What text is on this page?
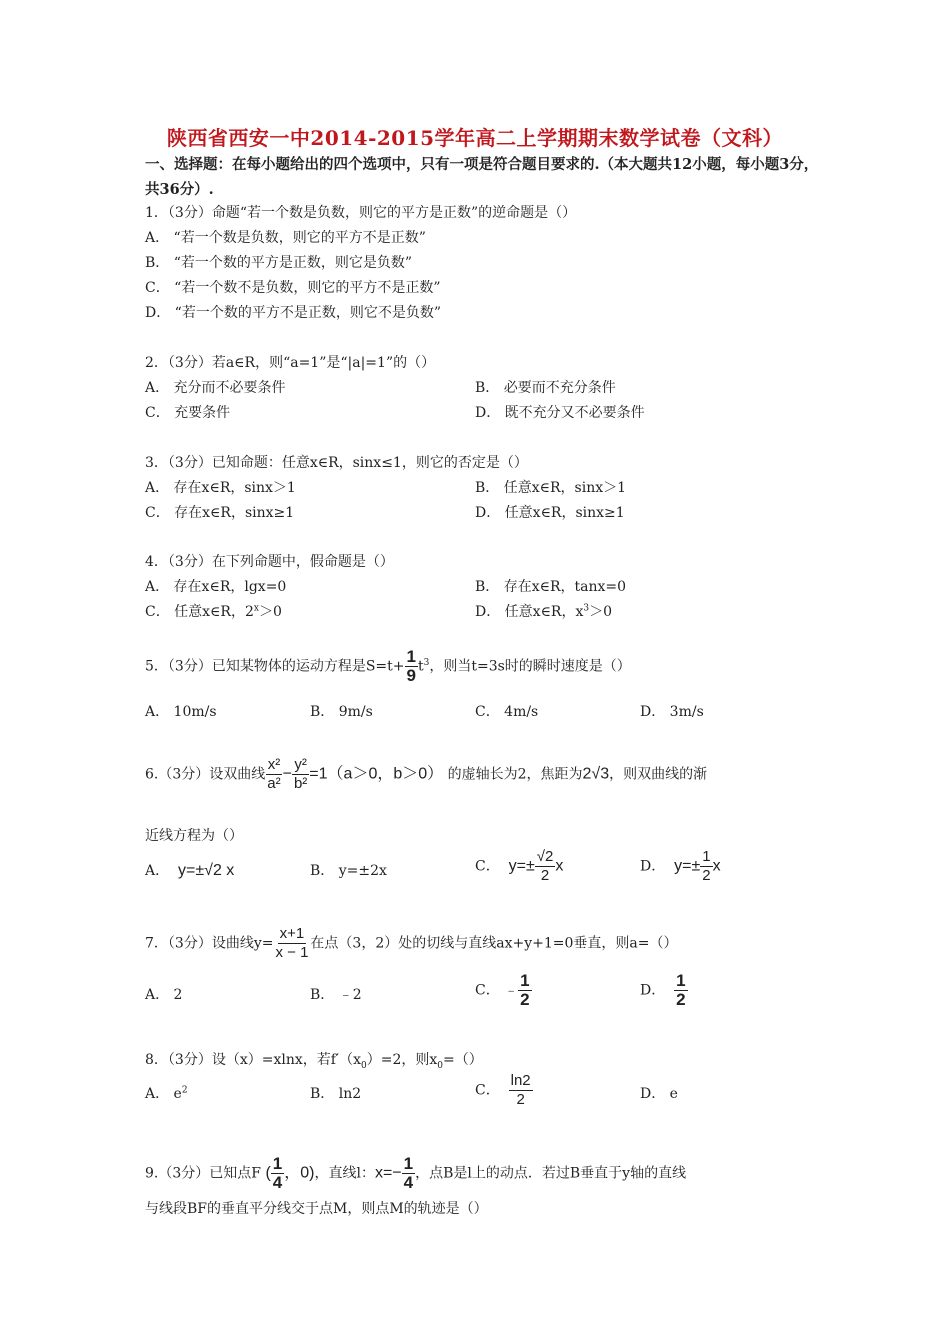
陕西省西安一中2014-2015学年高二上学期期末数学试卷（文科）
一、选择题：在每小题给出的四个选项中，只有一项是符合题目要求的.（本大题共12小题，每小题3分，共36分）.
1．（3分）命题“若一个数是负数，则它的平方是正数”的逆命题是（）
A． “若一个数是负数，则它的平方不是正数”
B． “若一个数的平方是正数，则它是负数”
C． “若一个数不是负数，则它的平方不是正数”
D． “若一个数的平方不是正数，则它不是负数”
2．（3分）若a∈R，则“a=1”是“|a|=1”的（）
A． 充分而不必要条件	B． 必要而不充分条件
C． 充要条件	D． 既不充分又不必要条件
3．（3分）已知命题：任意x∈R，sinx≤1，则它的否定是（）
A． 存在x∈R，sinx＞1	B． 任意x∈R，sinx＞1
C． 存在x∈R，sinx≥1	D． 任意x∈R，sinx≥1
4．（3分）在下列命题中，假命题是（）
A． 存在x∈R，lgx=0	B． 存在x∈R，tanx=0
C． 任意x∈R，$2^x>0$	D． 任意x∈R，$x^3>0$
5．（3分）已知某物体的运动方程是$S=t+ \frac{1}{9} t^3$，则当t=3s时的瞬时速度是（）
A． 10m/s	B． 9m/s	C． 4m/s	D． 3m/s
6.（3分）设双曲线 $\frac{\text{x²}}{\text{a²}} - \frac{\text{y²}}{\text{b²}} =1(a>0$，b＞0） 的虚轴长为2，焦距为2√3，则双曲线的渐
近线方程为（）
A． y=±√2 x	B． y=±2x	C． $y=\pm \frac{√2}{2}$ x	D． $y=\pm \frac{1}{2}$ x
7．（3分）设曲线$y= \frac{x+1}{x - 1}$ 在点（3，2）处的切线与直线ax+y+1=0垂直，则a=（）
A． 2	B． ﹣2	C． ﹣ $\frac{1}{2}$	D． $\frac{1}{2}$
8．（3分）设（x）=xlnx，若$f'(x_0)=2$，则$x_0=()$
A． $e^2$	B． ln2	C． $\frac{\ln 2}{2}$	D． e
9.（3分）已知点F ( $\frac{1}{4}$ ，0)，直线l：$x=- \frac{1}{4}$ ，点B是l上的动点．若过B垂直于y轴的直线
与线段BF的垂直平分线交于点M，则点M的轨迹是（）
